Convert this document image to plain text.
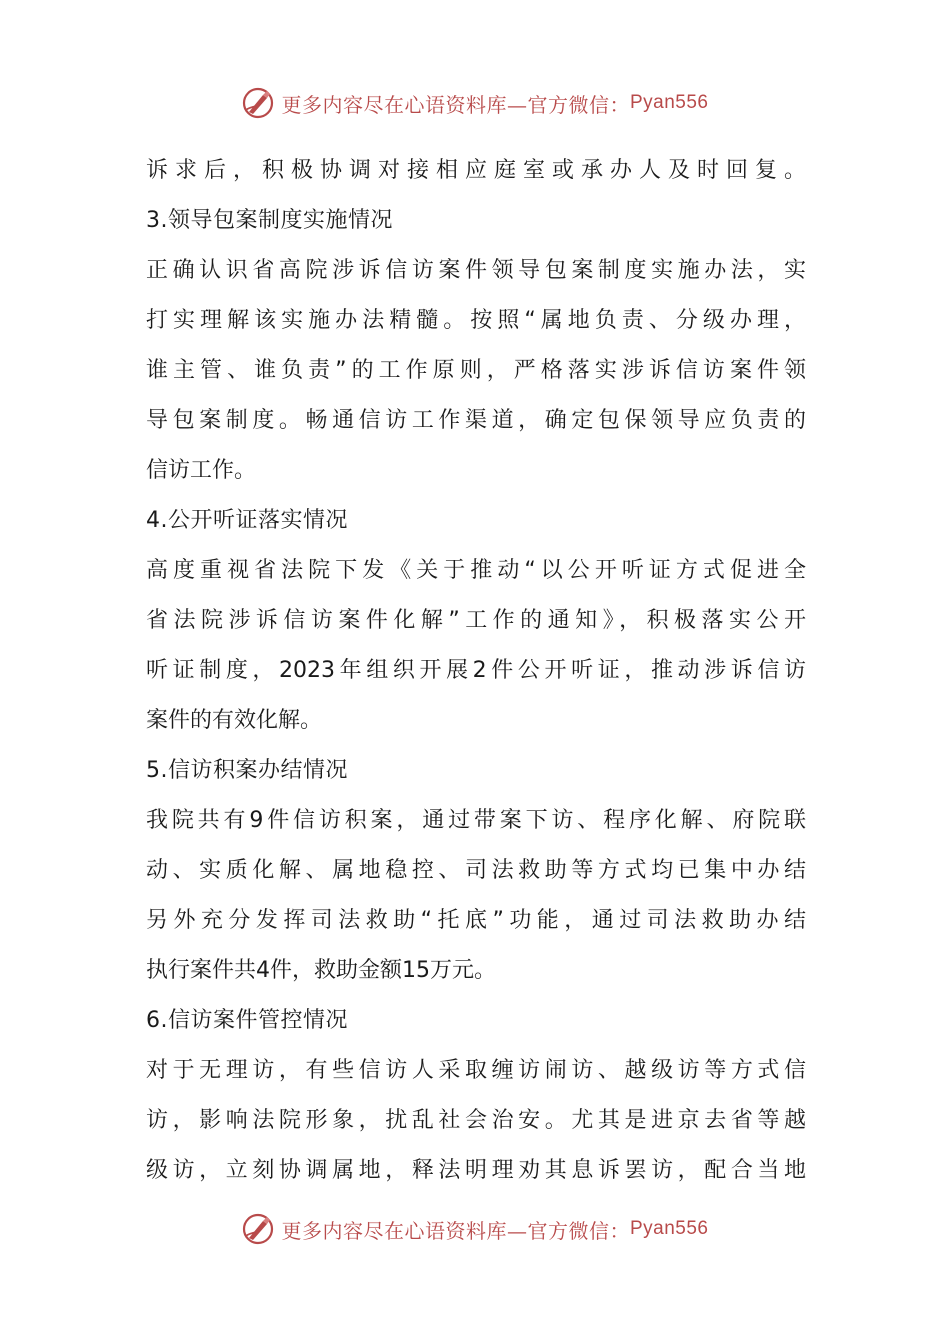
更多内容尽在心语资料库—官方微信： Pyan556
诉求后，积极协调对接相应庭室或承办人及时回复。
3.领导包案制度实施情况
正确认识省高院涉诉信访案件领导包案制度实施办法，实
打实理解该实施办法精髓。按照“属地负责、分级办理，
谁主管、谁负责”的工作原则，严格落实涉诉信访案件领
导包案制度。畅通信访工作渠道，确定包保领导应负责的
信访工作。
4.公开听证落实情况
高度重视省法院下发《关于推动“以公开听证方式促进全
省法院涉诉信访案件化解”工作的通知》，积极落实公开
听证制度，2023年组织开展2件公开听证，推动涉诉信访
案件的有效化解。
5.信访积案办结情况
我院共有9件信访积案，通过带案下访、程序化解、府院联
动、实质化解、属地稳控、司法救助等方式均已集中办结
另外充分发挥司法救助“托底”功能，通过司法救助办结
执行案件共4件，救助金额15万元。
6.信访案件管控情况
对于无理访，有些信访人采取缠访闹访、越级访等方式信
访，影响法院形象，扰乱社会治安。尤其是进京去省等越
级访，立刻协调属地，释法明理劝其息诉罢访，配合当地
更多内容尽在心语资料库—官方微信： Pyan556
